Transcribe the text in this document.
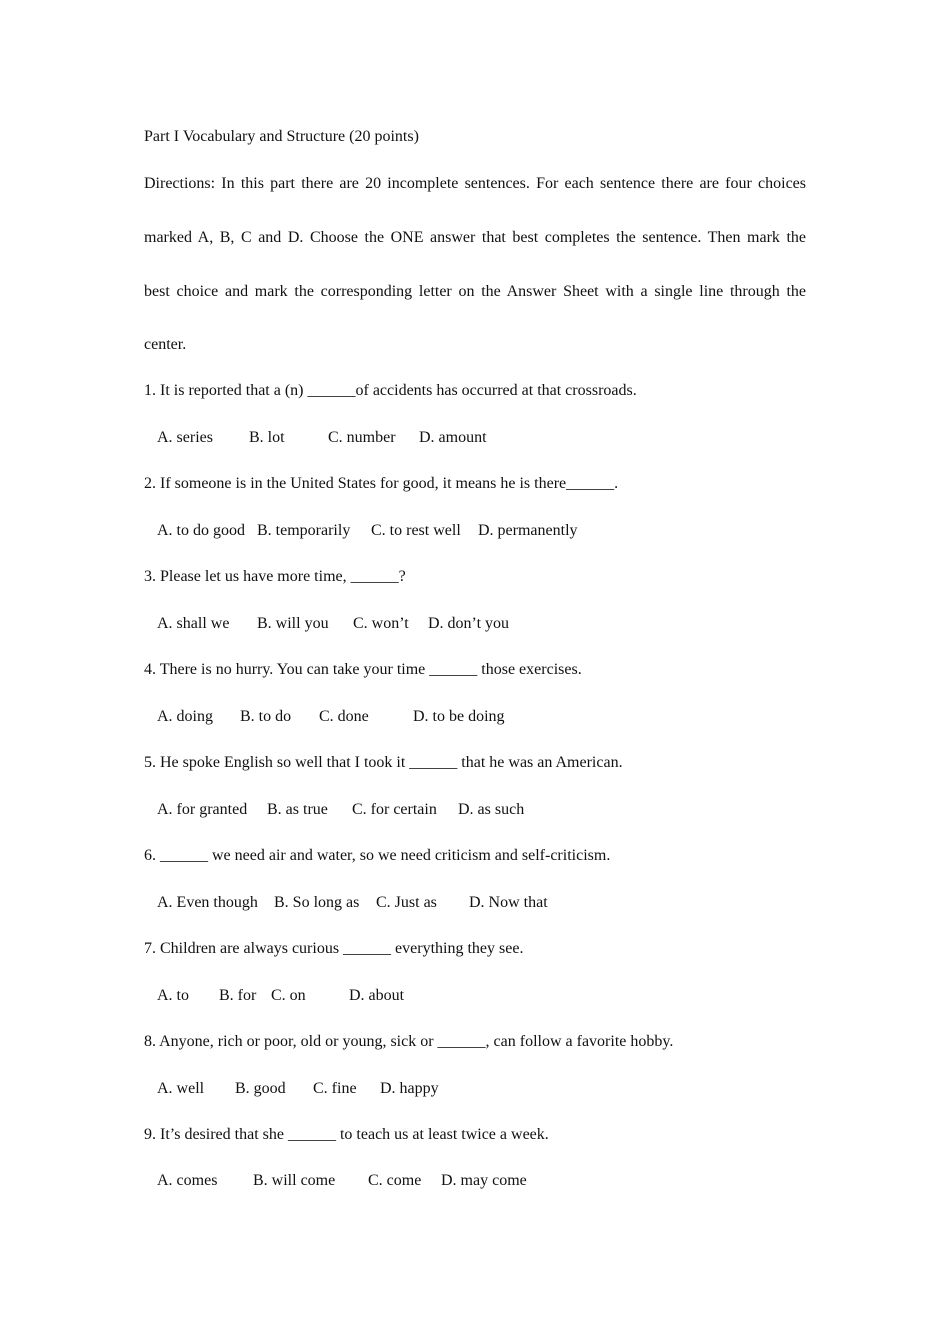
Part I Vocabulary and Structure (20 points)
Directions: In this part there are 20 incomplete sentences. For each sentence there are four choices
marked A, B, C and D. Choose the ONE answer that best completes the sentence. Then mark the
best choice and mark the corresponding letter on the Answer Sheet with a single line through the
center.
1. It is reported that a (n) ______of accidents has occurred at that crossroads.

A. series

B. lot

	C. number

D. amount

2. If someone is in the United States for good, it means he is there______.

A. to do good

B. temporarily

C. to rest well

D. permanently

3. Please let us have more time, ______?

A. shall we

B. will you

C. won’t

D. don’t you

4. There is no hurry. You can take your time ______ those exercises.

A. doing

B. to do

C. done

	D. to be doing

5. He spoke English so well that I took it ______ that he was an American.

A. for granted

B. as true

C. for certain

D. as such

6. ______ we need air and water, so we need criticism and self-criticism.

A. Even though

B. So long as

C. Just as

D. Now that

7. Children are always curious ______ everything they see.

A. to

B. for

C. on

	D. about

8. Anyone, rich or poor, old or young, sick or ______, can follow a favorite hobby.

A. well

B. good

C. fine

D. happy

9. It’s desired that she ______ to teach us at least twice a week.

A. comes

B. will come

C. come

D. may come
